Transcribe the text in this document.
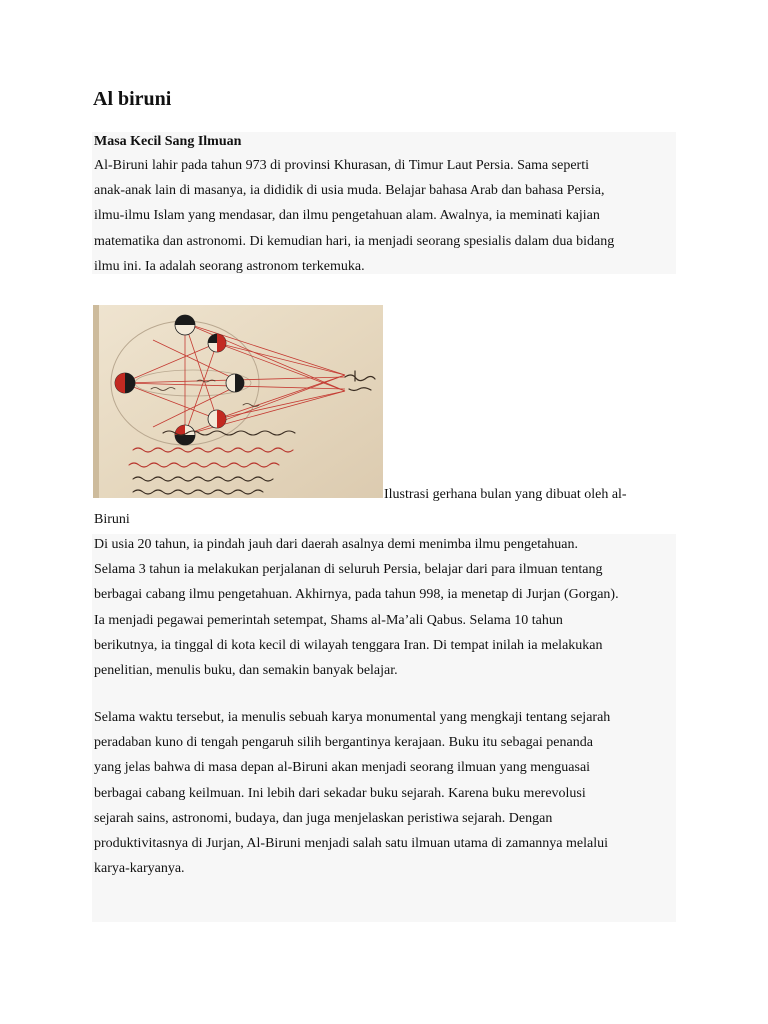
Al biruni
Masa Kecil Sang Ilmuan
Al-Biruni lahir pada tahun 973 di provinsi Khurasan, di Timur Laut Persia. Sama seperti
anak-anak lain di masanya, ia dididik di usia muda. Belajar bahasa Arab dan bahasa Persia,
ilmu-ilmu Islam yang mendasar, dan ilmu pengetahuan alam. Awalnya, ia meminati kajian
matematika dan astronomi. Di kemudian hari, ia menjadi seorang spesialis dalam dua bidang
ilmu ini. Ia adalah seorang astronom terkemuka.
Ilustrasi gerhana bulan yang dibuat oleh al-
Biruni
Di usia 20 tahun, ia pindah jauh dari daerah asalnya demi menimba ilmu pengetahuan.
Selama 3 tahun ia melakukan perjalanan di seluruh Persia, belajar dari para ilmuan tentang
berbagai cabang ilmu pengetahuan. Akhirnya, pada tahun 998, ia menetap di Jurjan (Gorgan).
Ia menjadi pegawai pemerintah setempat, Shams al-Ma’ali Qabus. Selama 10 tahun
berikutnya, ia tinggal di kota kecil di wilayah tenggara Iran. Di tempat inilah ia melakukan
penelitian, menulis buku, dan semakin banyak belajar.
Selama waktu tersebut, ia menulis sebuah karya monumental yang mengkaji tentang sejarah
peradaban kuno di tengah pengaruh silih bergantinya kerajaan. Buku itu sebagai penanda
yang jelas bahwa di masa depan al-Biruni akan menjadi seorang ilmuan yang menguasai
berbagai cabang keilmuan. Ini lebih dari sekadar buku sejarah. Karena buku merevolusi
sejarah sains, astronomi, budaya, dan juga menjelaskan peristiwa sejarah. Dengan
produktivitasnya di Jurjan, Al-Biruni menjadi salah satu ilmuan utama di zamannya melalui
karya-karyanya.
